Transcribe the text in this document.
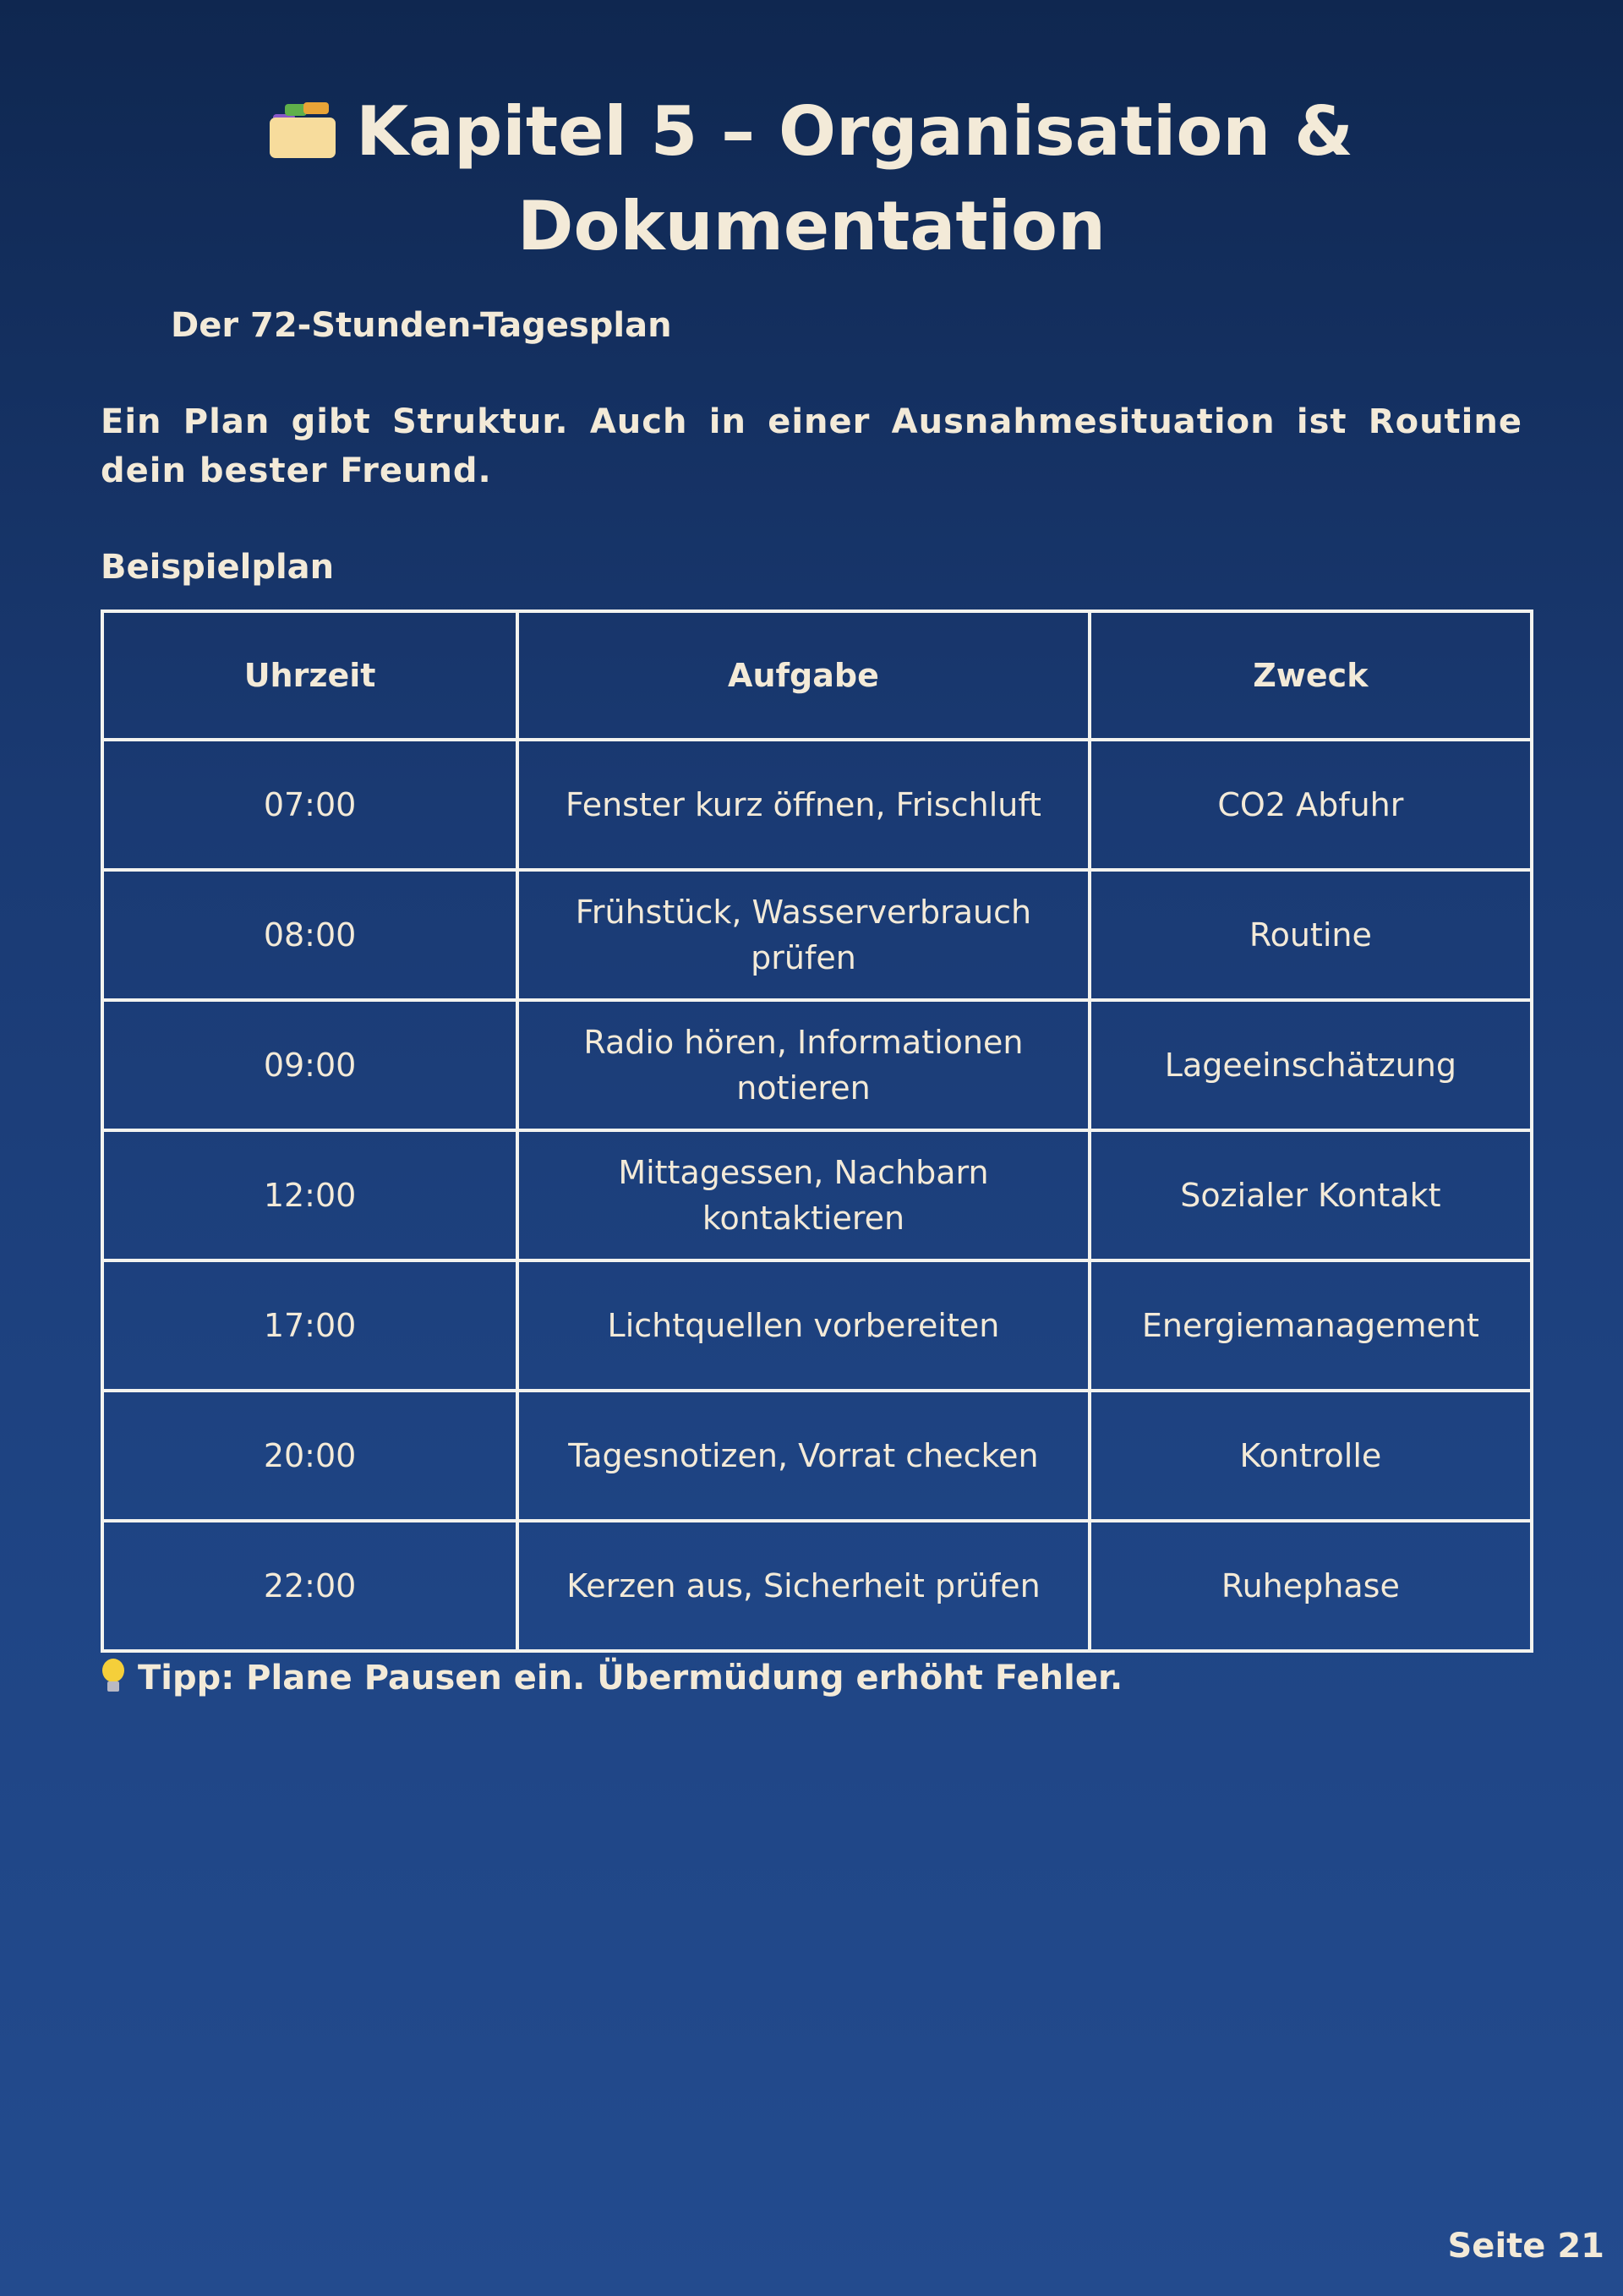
Kapitel 5 – Organisation & Dokumentation
Der 72-Stunden-Tagesplan

Ein Plan gibt Struktur. Auch in einer Ausnahmesituation ist Routine dein bester Freund.

Beispielplan
Uhrzeit	Aufgabe	Zweck
07:00	Fenster kurz öffnen, Frischluft	CO2 Abfuhr
08:00	Frühstück, Wasserverbrauch prüfen	Routine
09:00	Radio hören, Informationen notieren	Lageeinschätzung
12:00	Mittagessen, Nachbarn kontaktieren	Sozialer Kontakt
17:00	Lichtquellen vorbereiten	Energiemanagement
20:00	Tagesnotizen, Vorrat checken	Kontrolle
22:00	Kerzen aus, Sicherheit prüfen	Ruhephase

Tipp: Plane Pausen ein. Übermüdung erhöht Fehler.

Seite 21
